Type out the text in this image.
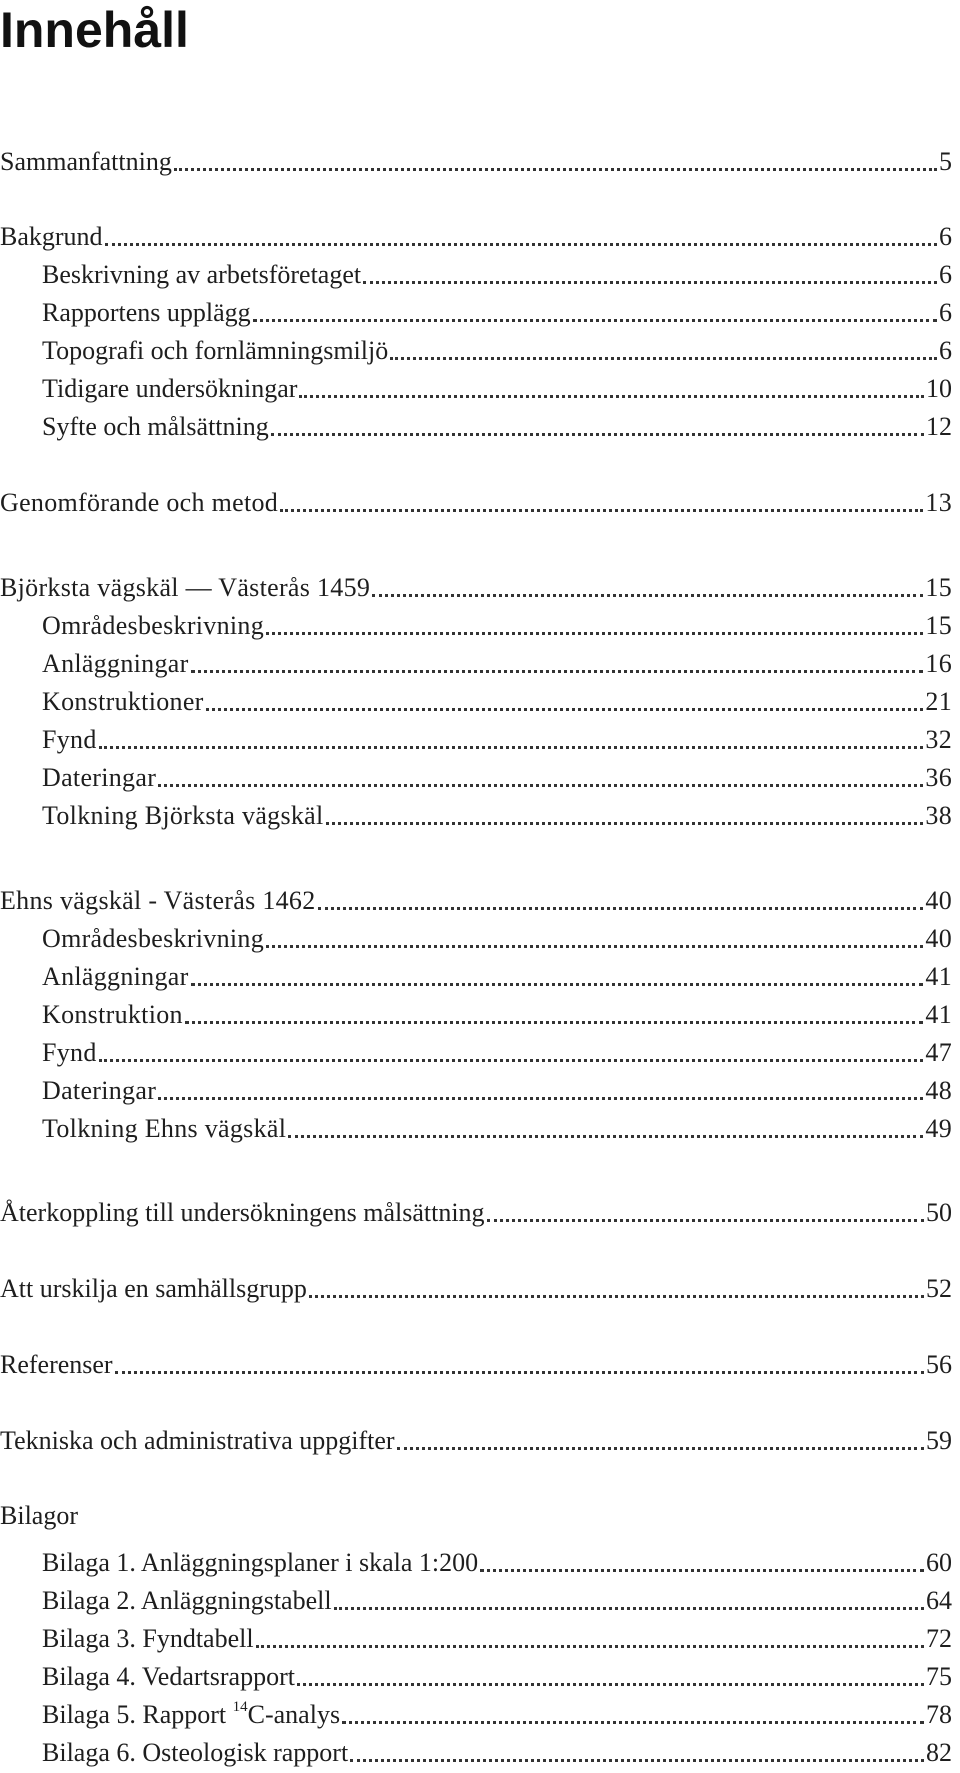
Innehåll
Sammanfattning	5
Bakgrund	6
Beskrivning av arbetsföretaget	6
Rapportens upplägg	6
Topografi och fornlämningsmiljö	6
Tidigare undersökningar	10
Syfte och målsättning	12
Genomförande och metod	13
Björksta vägskäl — Västerås 1459	15
Områdesbeskrivning	15
Anläggningar	16
Konstruktioner	21
Fynd	32
Dateringar	36
Tolkning Björksta vägskäl	38
Ehns vägskäl - Västerås 1462	40
Områdesbeskrivning	40
Anläggningar	41
Konstruktion	41
Fynd	47
Dateringar	48
Tolkning Ehns vägskäl	49
Återkoppling till undersökningens målsättning	50
Att urskilja en samhällsgrupp	52
Referenser	56
Tekniska och administrativa uppgifter	59
Bilagor
Bilaga 1. Anläggningsplaner i skala 1:200	60
Bilaga 2. Anläggningstabell	64
Bilaga 3. Fyndtabell	72
Bilaga 4. Vedartsrapport	75
Bilaga 5. Rapport $^{14}$C-analys	78
Bilaga 6. Osteologisk rapport	82
